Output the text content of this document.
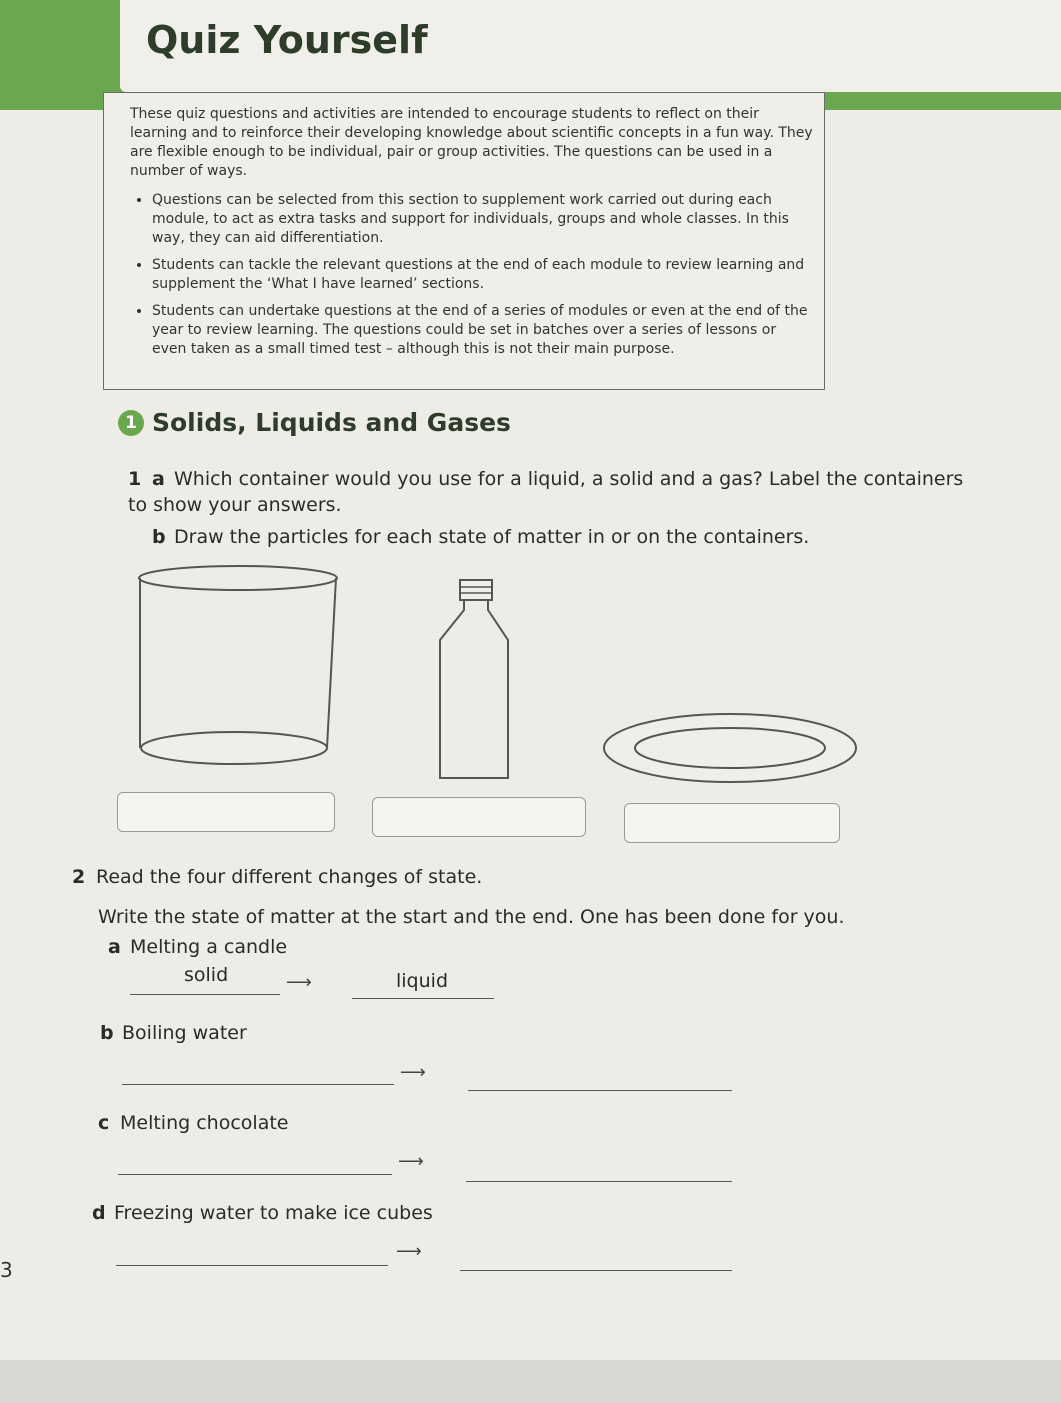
Quiz Yourself

These quiz questions and activities are intended to encourage students to reflect on their learning and to reinforce their developing knowledge about scientific concepts in a fun way. They are flexible enough to be individual, pair or group activities. The questions can be used in a number of ways.

• Questions can be selected from this section to supplement work carried out during each module, to act as extra tasks and support for individuals, groups and whole classes. In this way, they can aid differentiation.
• Students can tackle the relevant questions at the end of each module to review learning and supplement the ‘What I have learned’ sections.
• Students can undertake questions at the end of a series of modules or even at the end of the year to review learning. The questions could be set in batches over a series of lessons or even taken as a small timed test – although this is not their main purpose.
1 Solids, Liquids and Gases
1 a Which container would you use for a liquid, a solid and a gas? Label the containers to show your answers.
b Draw the particles for each state of matter in or on the containers.
2 Read the four different changes of state.
Write the state of matter at the start and the end. One has been done for you.
a Melting a candle
solid	⟶	liquid
b Boiling water
⟶
c Melting chocolate
⟶
d Freezing water to make ice cubes
⟶
3
